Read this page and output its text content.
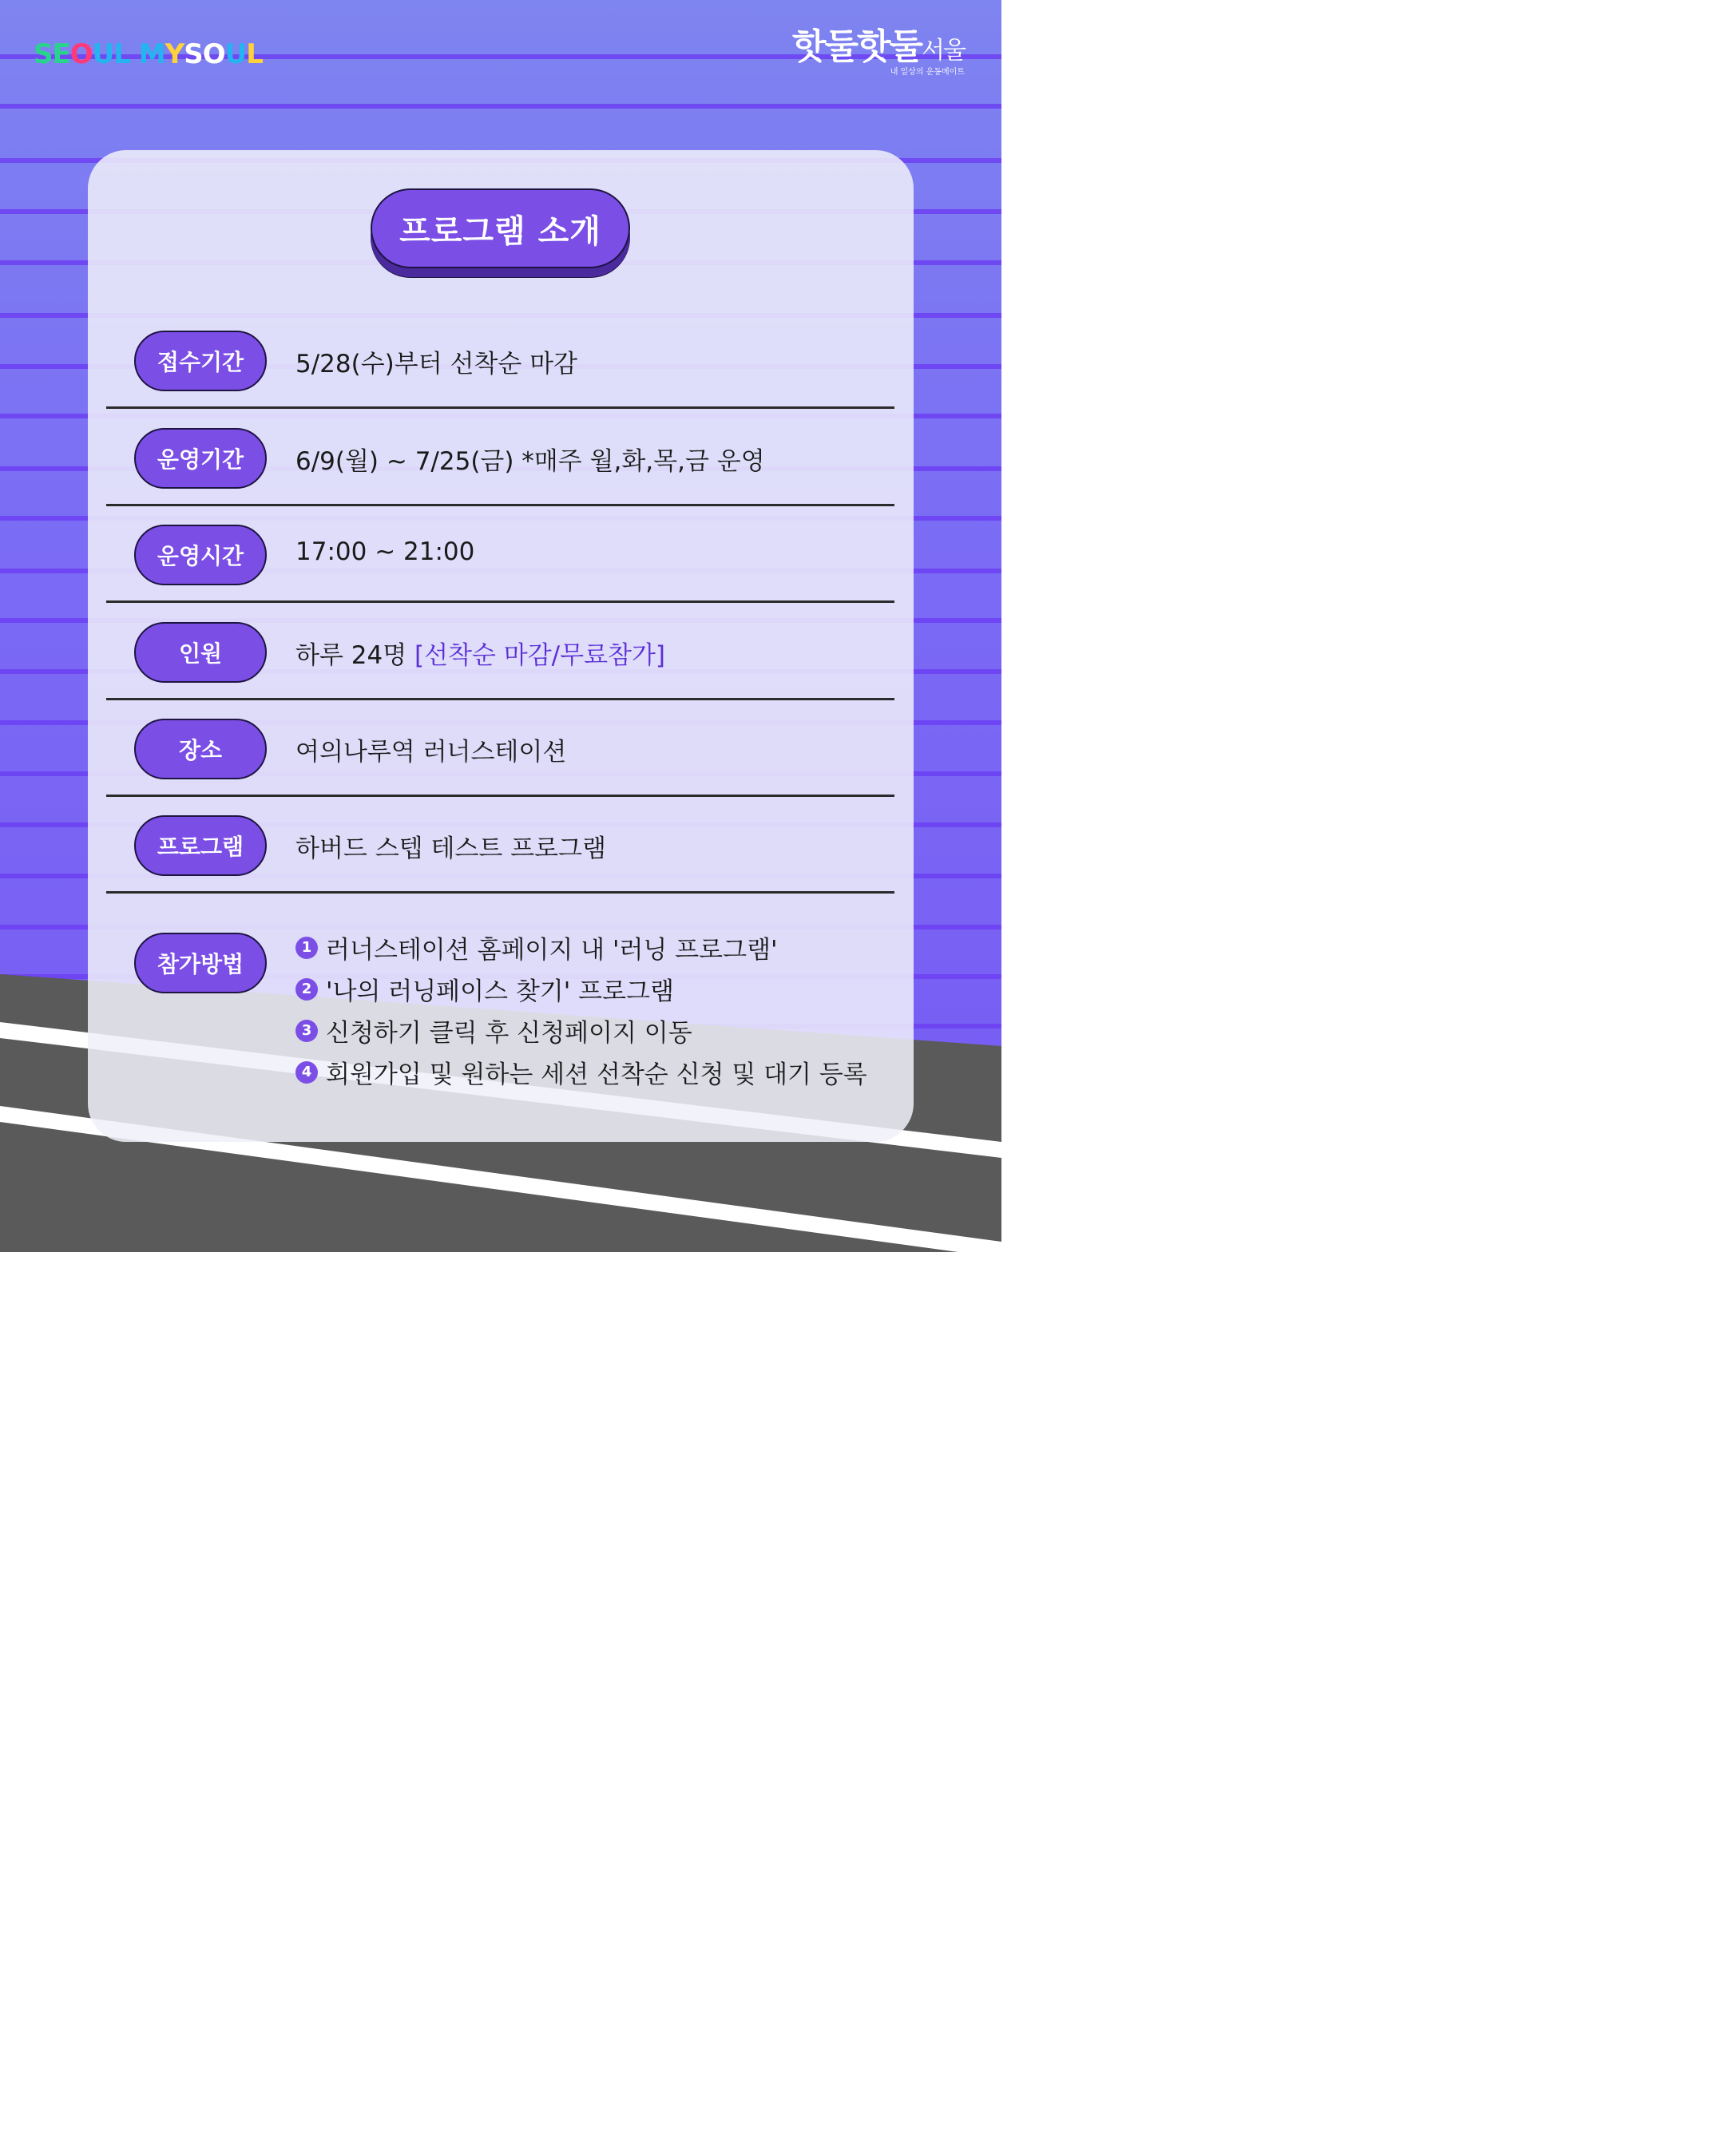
SEOUL MYSOUL	핫둘핫둘서울
내 일상의 운동메이트
프로그램 소개
접수기간	5/28(수)부터 선착순 마감
운영기간	6/9(월) ~ 7/25(금) *매주 월,화,목,금 운영
운영시간	17:00 ~ 21:00
인원	하루 24명 [선착순 마감/무료참가]
장소	여의나루역 러너스테이션
프로그램	하버드 스텝 테스트 프로그램
참가방법
1 러너스테이션 홈페이지 내 '러닝 프로그램'
2 '나의 러닝페이스 찾기' 프로그램
3 신청하기 클릭 후 신청페이지 이동
4 회원가입 및 원하는 세션 선착순 신청 및 대기 등록
